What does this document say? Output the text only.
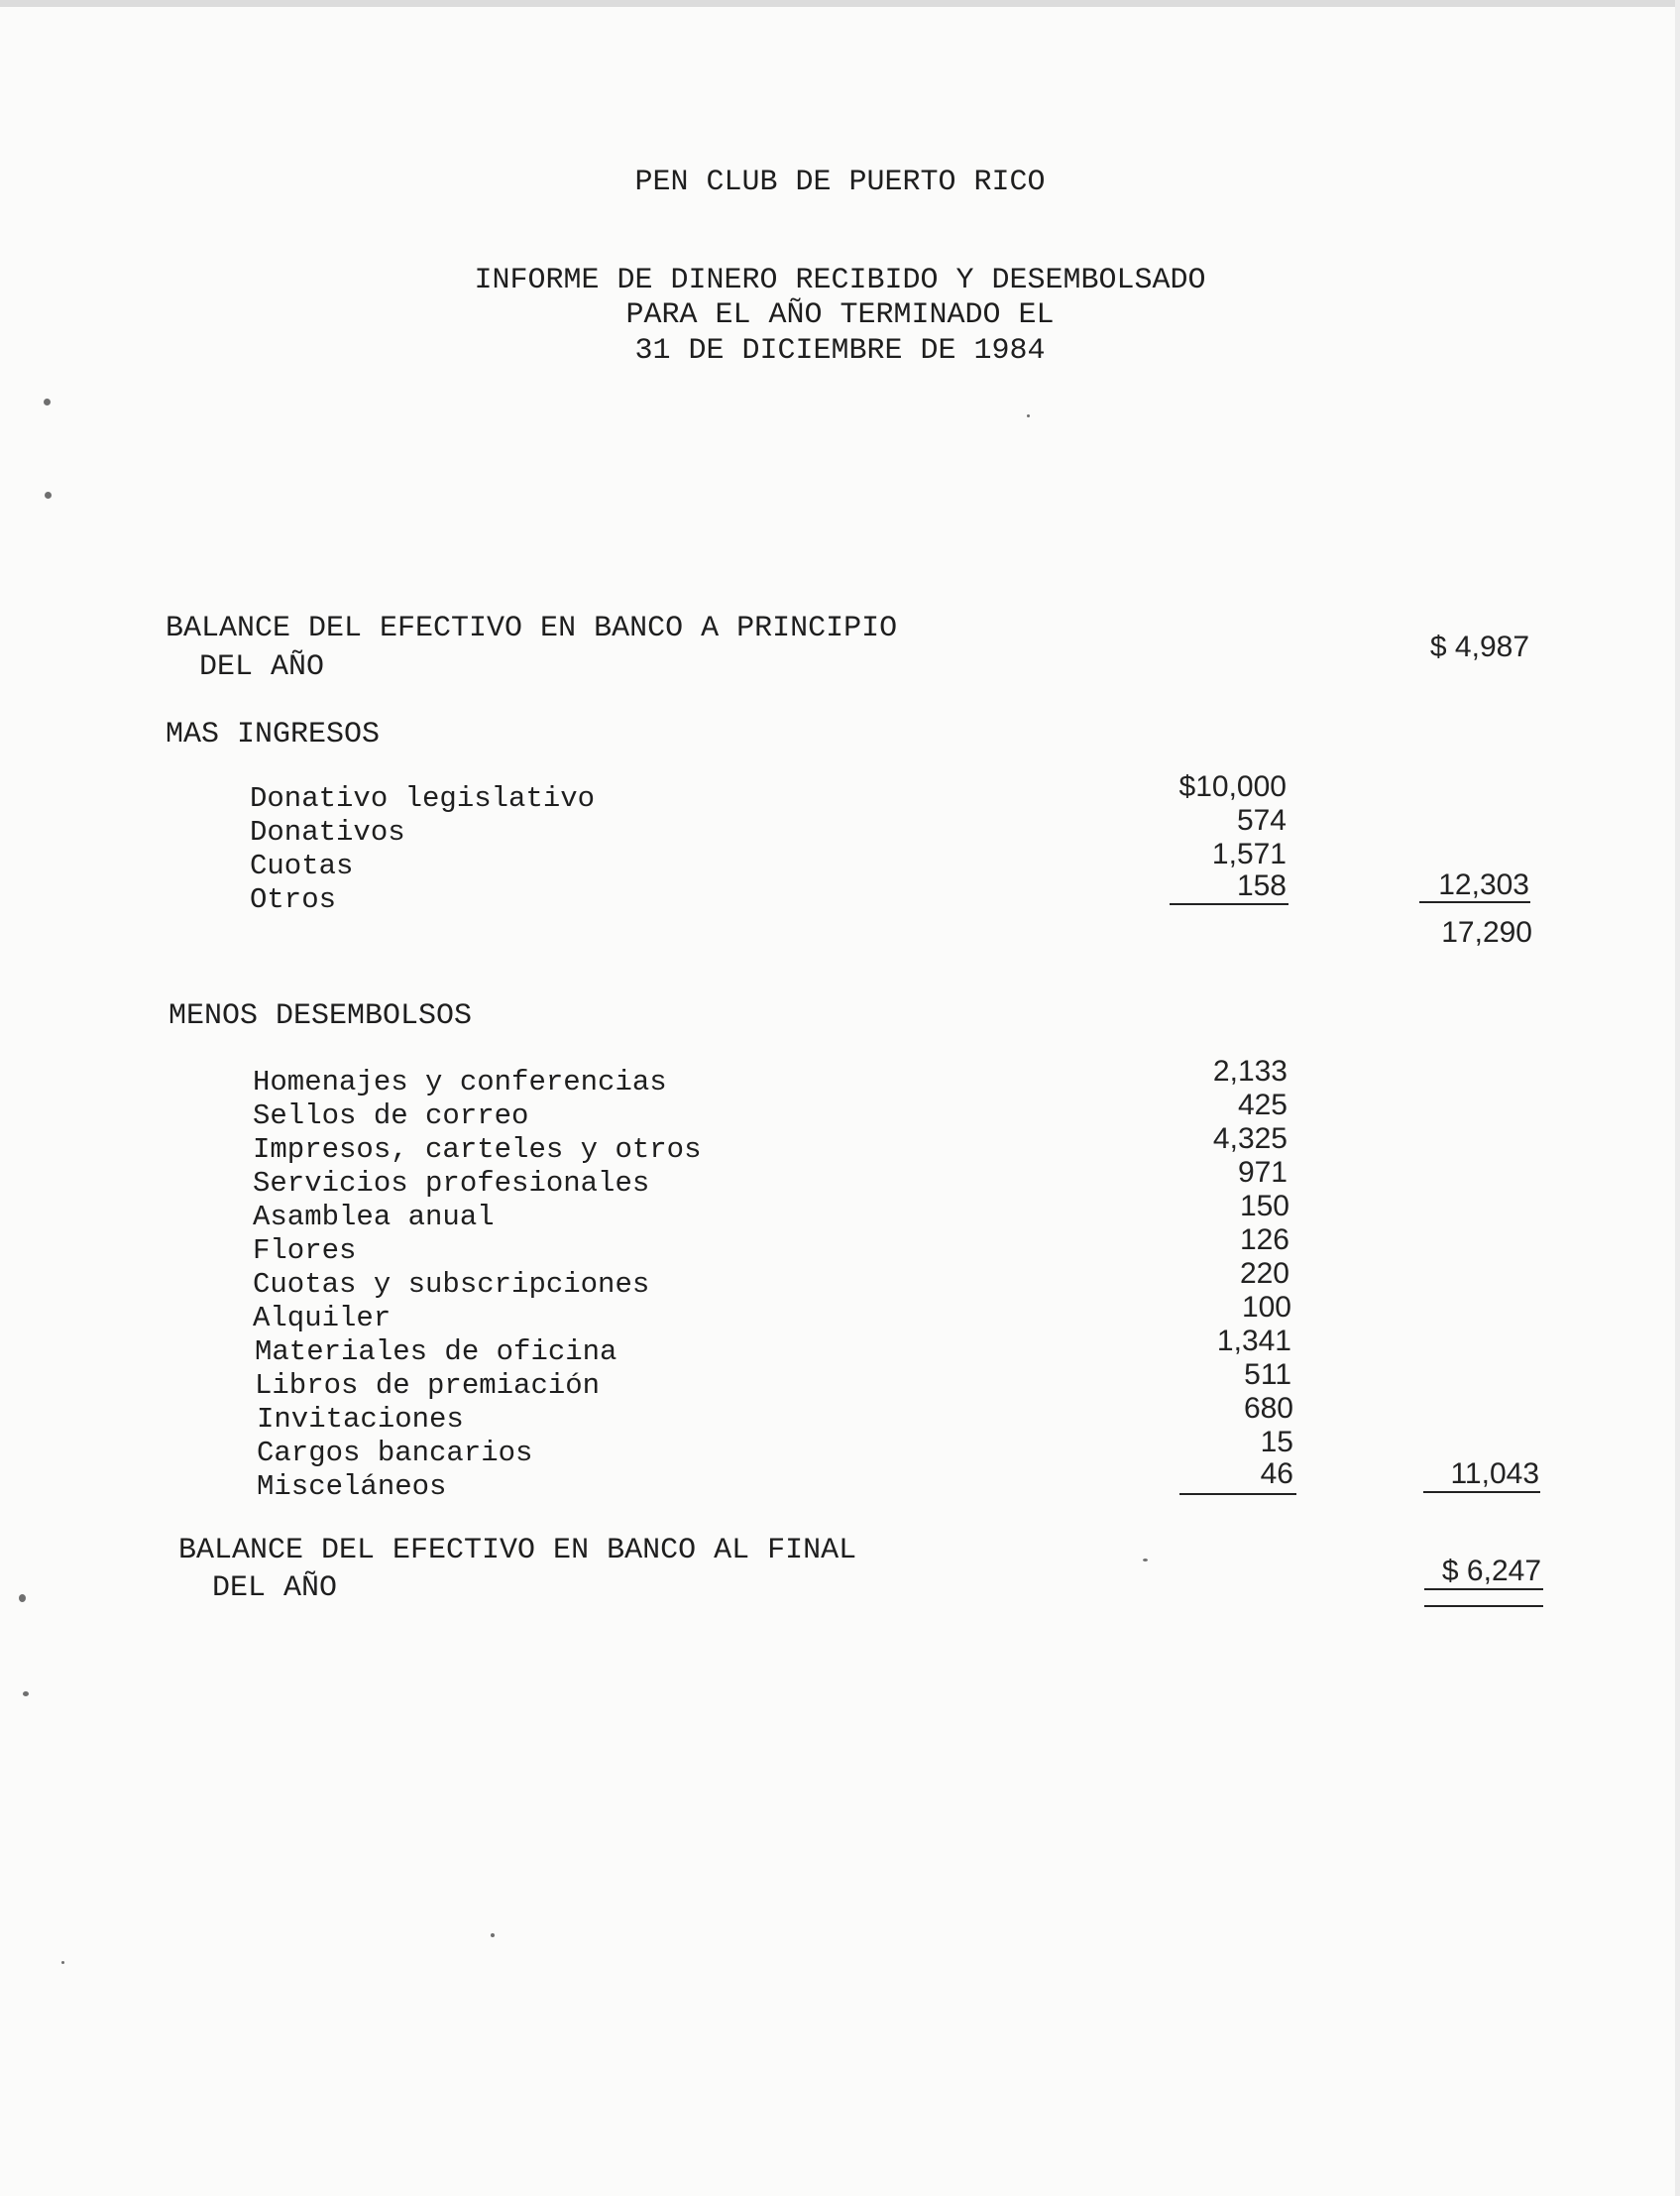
PEN CLUB DE PUERTO RICO
INFORME DE DINERO RECIBIDO Y DESEMBOLSADO
PARA EL AÑO TERMINADO EL
31 DE DICIEMBRE DE 1984
BALANCE DEL EFECTIVO EN BANCO A PRINCIPIO
DEL AÑO
$ 4,987
MAS INGRESOS
Donativo legislativo
Donativos
Cuotas
Otros
$10,000
574
1,571
158	12,303
17,290
MENOS DESEMBOLSOS
Homenajes y conferencias
Sellos de correo
Impresos, carteles y otros
Servicios profesionales
Asamblea anual
Flores
Cuotas y subscripciones
Alquiler
Materiales de oficina
Libros de premiación
Invitaciones
Cargos bancarios
Misceláneos
2,133
425
4,325
971
150
126
220
100
1,341
511
680
15
46	11,043
BALANCE DEL EFECTIVO EN BANCO AL FINAL
DEL AÑO
$ 6,247
